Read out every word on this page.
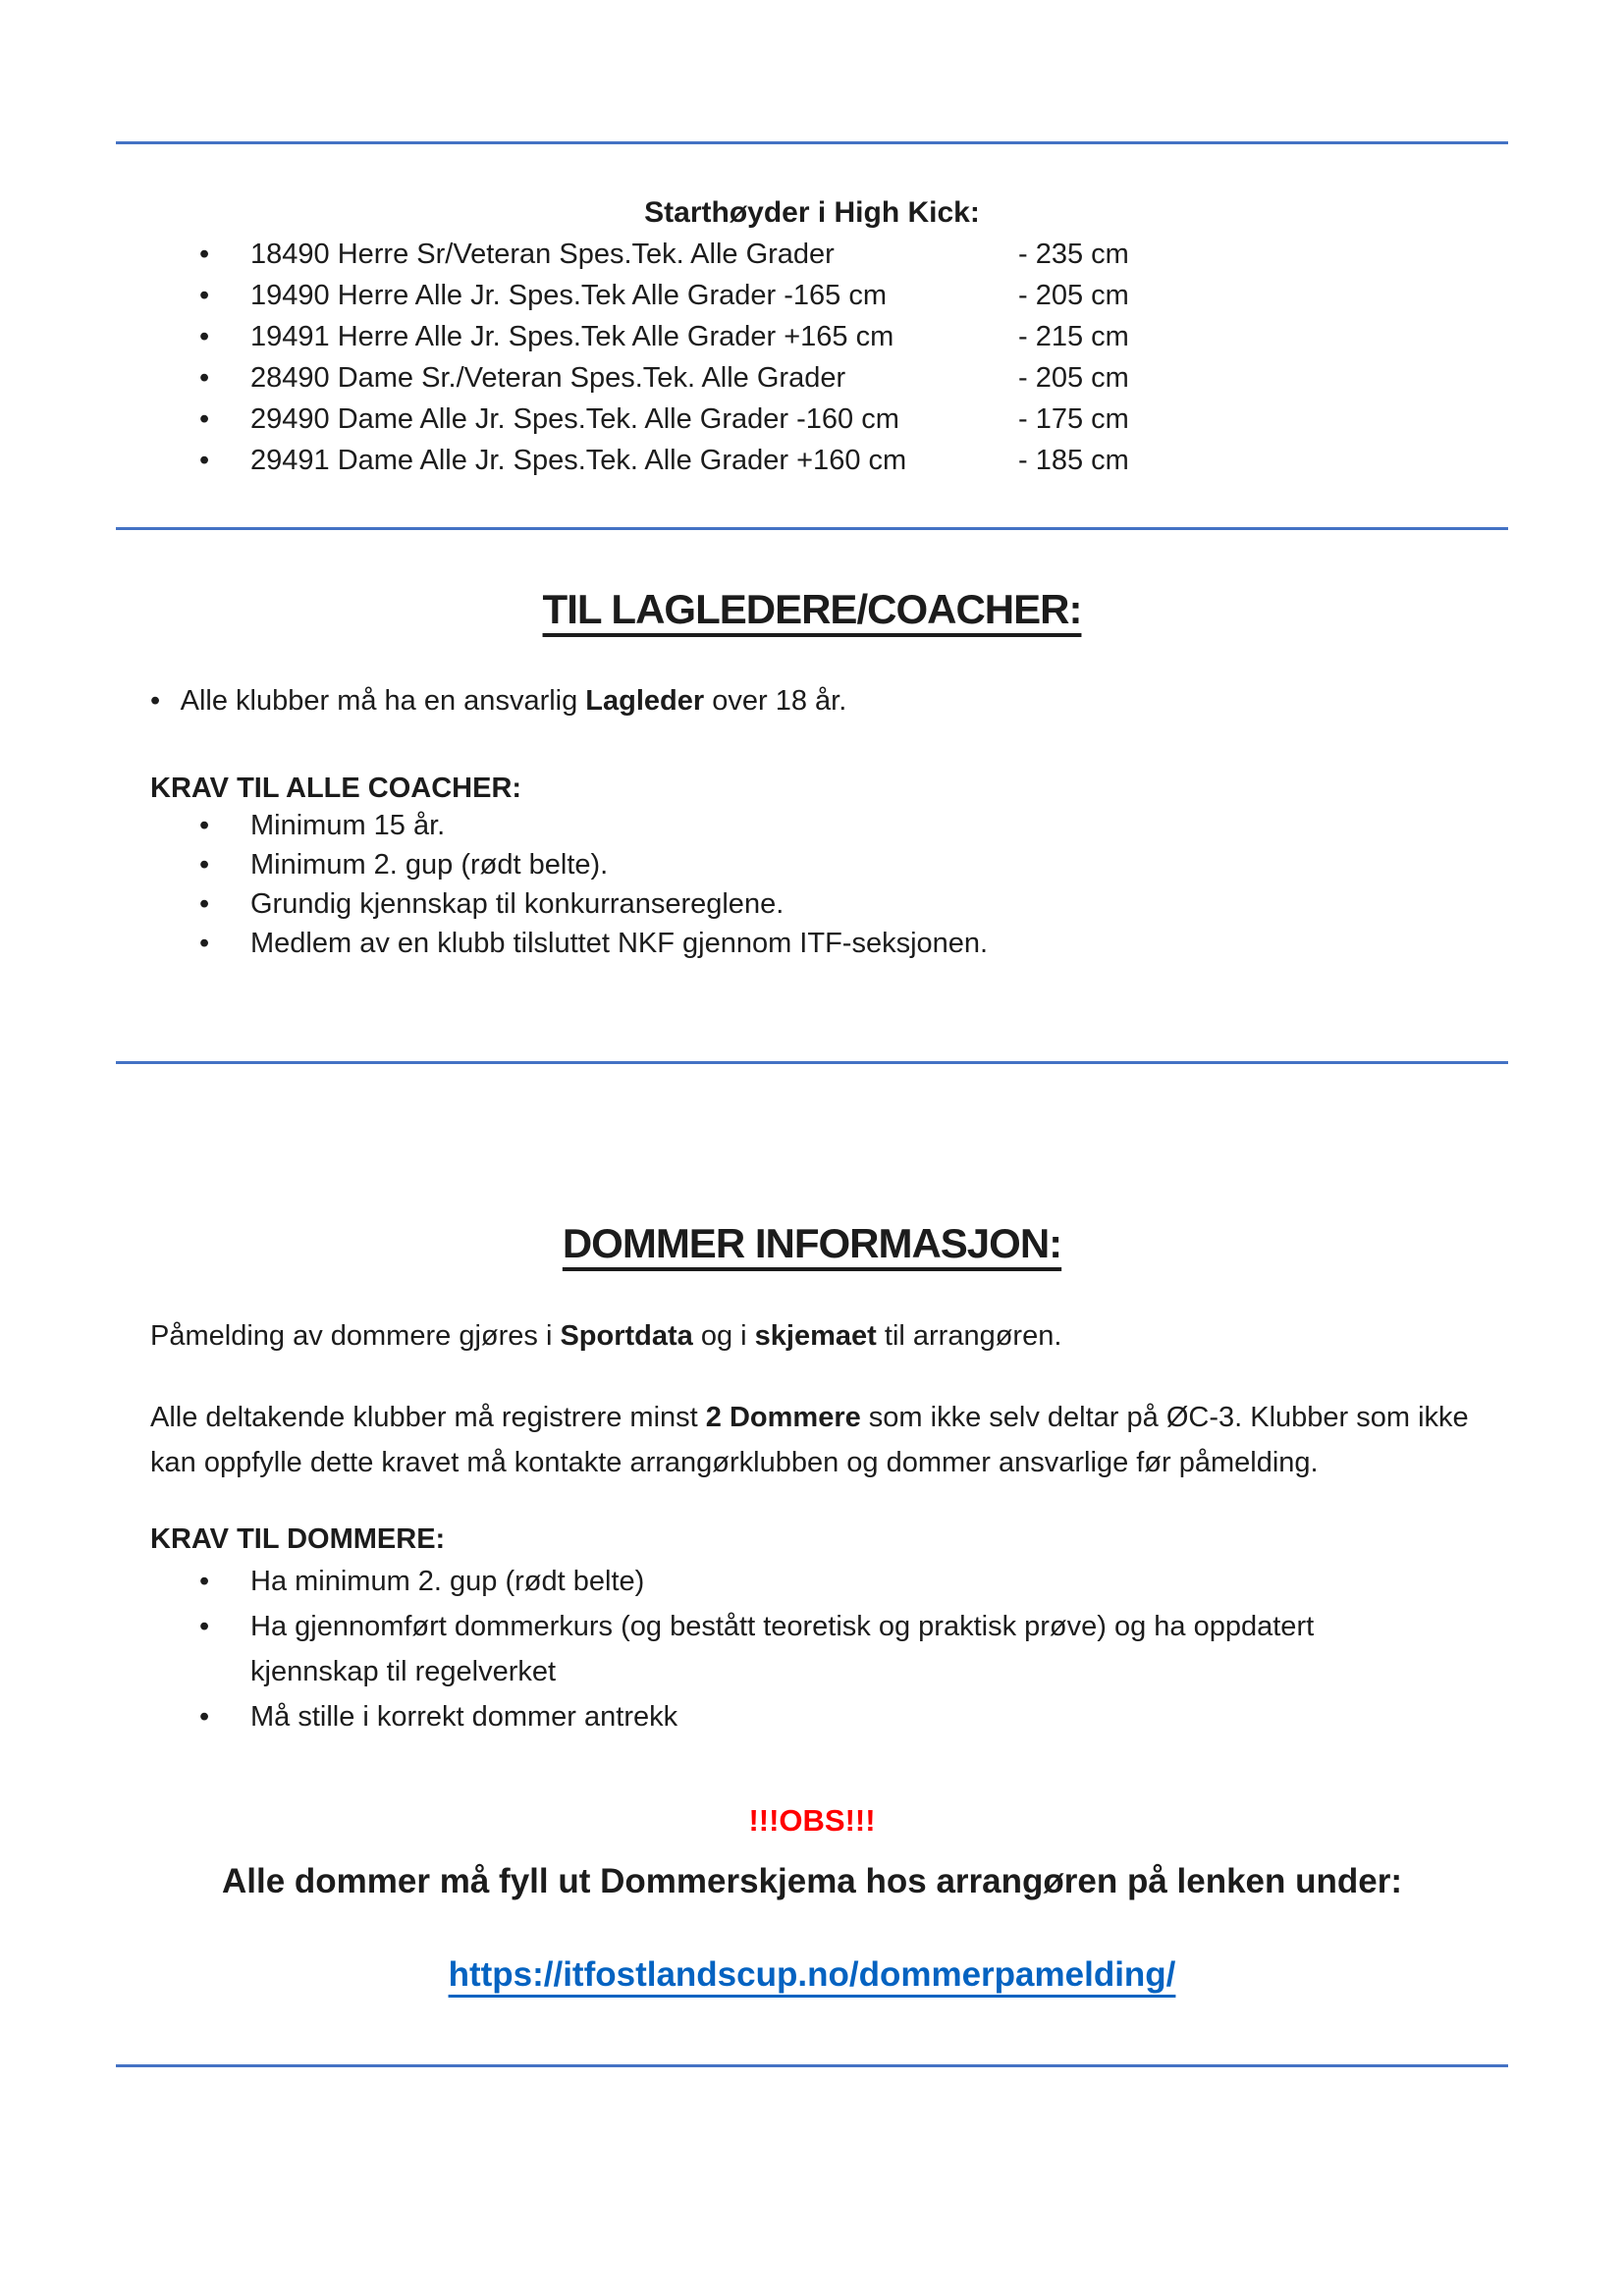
Starthøyder i High Kick:
• 18490 Herre Sr/Veteran Spes.Tek. Alle Grader	- 235 cm
• 19490 Herre Alle Jr. Spes.Tek Alle Grader -165 cm	- 205 cm
• 19491 Herre Alle Jr. Spes.Tek Alle Grader +165 cm	- 215 cm
• 28490 Dame Sr./Veteran Spes.Tek. Alle Grader	- 205 cm
• 29490 Dame Alle Jr. Spes.Tek. Alle Grader -160 cm	- 175 cm
• 29491 Dame Alle Jr. Spes.Tek. Alle Grader +160 cm	- 185 cm
TIL LAGLEDERE/COACHER:
• Alle klubber må ha en ansvarlig Lagleder over 18 år.
KRAV TIL ALLE COACHER:
• Minimum 15 år.
• Minimum 2. gup (rødt belte).
• Grundig kjennskap til konkurransereglene.
• Medlem av en klubb tilsluttet NKF gjennom ITF-seksjonen.
DOMMER INFORMASJON:
Påmelding av dommere gjøres i Sportdata og i skjemaet til arrangøren.
Alle deltakende klubber må registrere minst 2 Dommere som ikke selv deltar på ØC-3. Klubber som ikke kan oppfylle dette kravet må kontakte arrangørklubben og dommer ansvarlige før påmelding.
KRAV TIL DOMMERE:
• Ha minimum 2. gup (rødt belte)
• Ha gjennomført dommerkurs (og bestått teoretisk og praktisk prøve) og ha oppdatert kjennskap til regelverket
• Må stille i korrekt dommer antrekk
!!!OBS!!!
Alle dommer må fyll ut Dommerskjema hos arrangøren på lenken under:
https://itfostlandscup.no/dommerpamelding/
